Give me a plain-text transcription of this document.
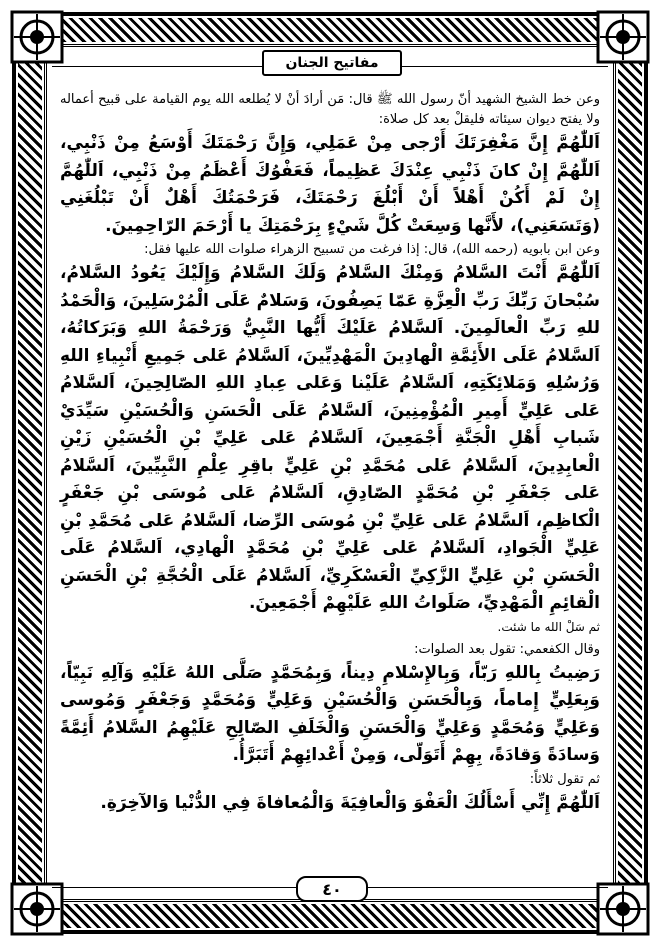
مفاتيح الجنان

وعن خط الشيخ الشهيد أنّ رسول الله ﷺ قال: مَن أرادَ أنْ لا يُطلعه الله يوم القيامة على قبيح أعماله ولا يفتح ديوان سيئاته فليقلْ بعد كل صلاة:

اَللّٰهُمَّ إِنَّ مَغْفِرَتَكَ أَرْجى مِنْ عَمَلِي، وَإِنَّ رَحْمَتَكَ أَوْسَعُ مِنْ ذَنْبِي، اَللّٰهُمَّ إِنْ كانَ ذَنْبِي عِنْدَكَ عَظِيماً، فَعَفْوُكَ أَعْظَمُ مِنْ ذَنْبِي، اَللّٰهُمَّ إِنْ لَمْ أَكُنْ أَهْلاً أَنْ أَبْلُغَ رَحْمَتَكَ، فَرَحْمَتُكَ أَهْلٌ أَنْ تَبْلُغَنِي (وَتَسَعَنِي)، لأَنَّها وَسِعَتْ كُلَّ شَيْءٍ بِرَحْمَتِكَ يا أَرْحَمَ الرّاحِمِينَ.

وعن ابن بابويه (رحمه الله)، قال: إذا فرغت من تسبيح الزهراء صلوات الله عليها فقل:

اَللّٰهُمَّ أَنْتَ السَّلامُ وَمِنْكَ السَّلامُ وَلَكَ السَّلامُ وَإِلَيْكَ يَعُودُ السَّلامُ، سُبْحانَ رَبِّكَ رَبِّ الْعِزَّةِ عَمّا يَصِفُونَ، وَسَلامٌ عَلَى الْمُرْسَلِينَ، وَالْحَمْدُ للهِ رَبِّ الْعالَمِينَ. اَلسَّلامُ عَلَيْكَ أَيُّها النَّبِيُّ وَرَحْمَةُ اللهِ وَبَرَكاتُهُ، اَلسَّلامُ عَلَى الأَئِمَّةِ الْهادِينَ الْمَهْدِيِّينَ، اَلسَّلامُ عَلى جَمِيعِ أَنْبِياءِ اللهِ وَرُسُلِهِ وَمَلائِكَتِهِ، اَلسَّلامُ عَلَيْنا وَعَلى عِبادِ اللهِ الصّالِحِينَ، اَلسَّلامُ عَلى عَلِيٍّ أَمِيرِ الْمُؤْمِنِينَ، اَلسَّلامُ عَلَى الْحَسَنِ وَالْحُسَيْنِ سَيِّدَيْ شَبابِ أَهْلِ الْجَنَّةِ أَجْمَعِينَ، اَلسَّلامُ عَلى عَلِيِّ بْنِ الْحُسَيْنِ زَيْنِ الْعابِدِينَ، اَلسَّلامُ عَلى مُحَمَّدِ بْنِ عَلِيٍّ باقِرِ عِلْمِ النَّبِيِّينَ، اَلسَّلامُ عَلى جَعْفَرِ بْنِ مُحَمَّدٍ الصّادِقِ، اَلسَّلامُ عَلى مُوسَى بْنِ جَعْفَرٍ الْكاظِمِ، اَلسَّلامُ عَلى عَلِيِّ بْنِ مُوسَى الرِّضا، اَلسَّلامُ عَلى مُحَمَّدِ بْنِ عَلِيٍّ الْجَوادِ، اَلسَّلامُ عَلى عَلِيِّ بْنِ مُحَمَّدٍ الْهادِي، اَلسَّلامُ عَلَى الْحَسَنِ بْنِ عَلِيٍّ الزَّكِيِّ الْعَسْكَرِيِّ، اَلسَّلامُ عَلَى الْحُجَّةِ بْنِ الْحَسَنِ الْقائِمِ الْمَهْدِيِّ، صَلَواتُ اللهِ عَلَيْهِمْ أَجْمَعِينَ.

ثم سَلْ الله ما شئت.

وقال الكفعمي: تقول بعد الصلوات:

رَضِيتُ بِاللهِ رَبّاً، وَبِالإِسْلامِ دِيناً، وَبِمُحَمَّدٍ صَلَّى اللهُ عَلَيْهِ وَآلِهِ نَبِيّاً، وَبِعَلِيٍّ إِماماً، وَبِالْحَسَنِ وَالْحُسَيْنِ وَعَلِيٍّ وَمُحَمَّدٍ وَجَعْفَرٍ وَمُوسى وَعَلِيٍّ وَمُحَمَّدٍ وَعَلِيٍّ وَالْحَسَنِ وَالْخَلَفِ الصّالِحِ عَلَيْهِمُ السَّلامُ أَئِمَّةً وَسادَةً وَقادَةً، بِهِمْ أَتَوَلّى، وَمِنْ أَعْدائِهِمْ أَتَبَرَّأُ.

ثم تقول ثلاثاً:

اَللّٰهُمَّ إِنِّي أَسْأَلُكَ الْعَفْوَ وَالْعافِيَةَ وَالْمُعافاةَ فِي الدُّنْيا وَالآخِرَةِ.

٤٠
